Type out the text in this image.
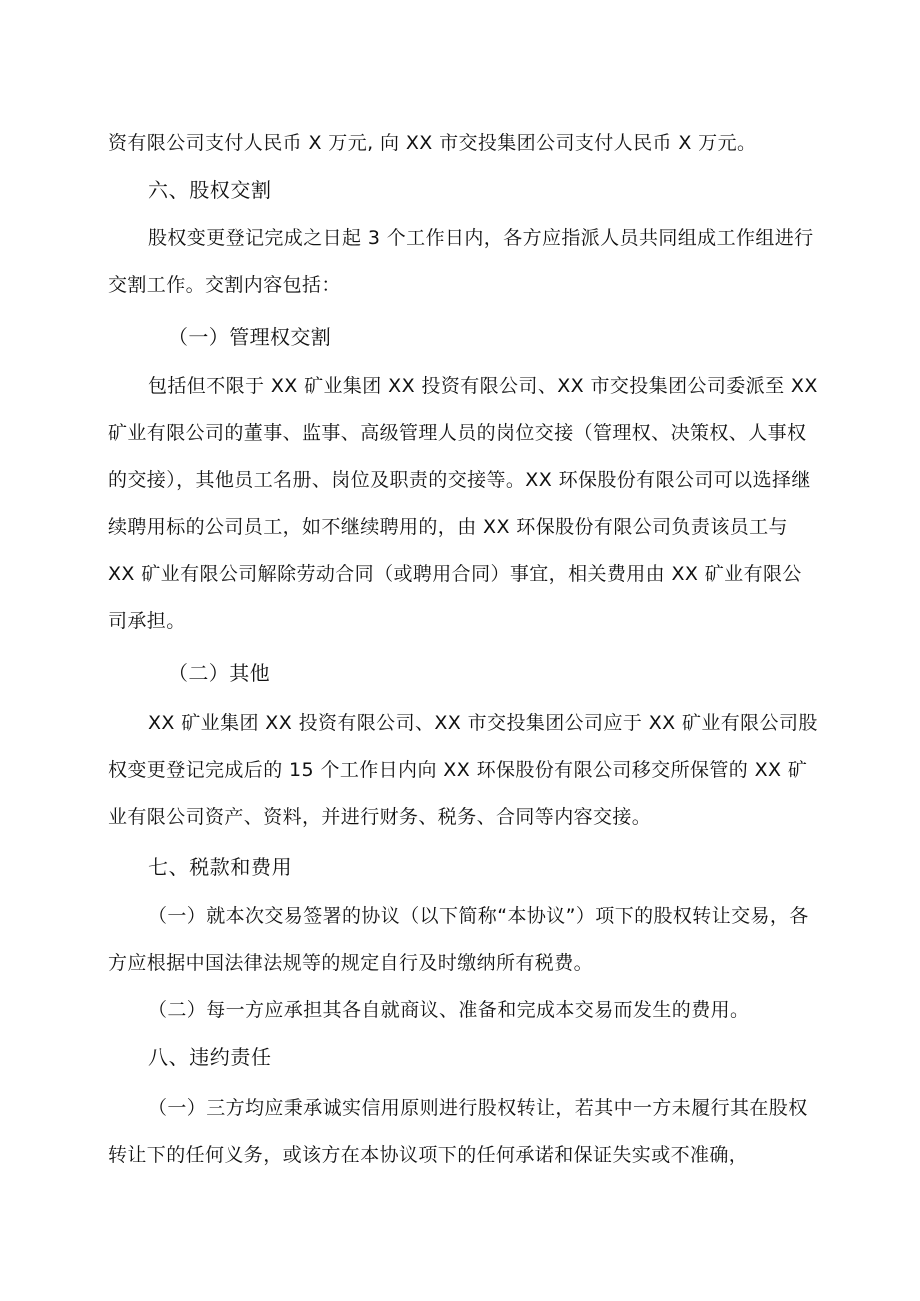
资有限公司支付人民币 X 万元, 向 XX 市交投集团公司支付人民币 X 万元。

六、股权交割

股权变更登记完成之日起 3 个工作日内，各方应指派人员共同组成工作组进行交割工作。交割内容包括：

（一）管理权交割

包括但不限于 XX 矿业集团 XX 投资有限公司、XX 市交投集团公司委派至 XX 矿业有限公司的董事、监事、高级管理人员的岗位交接（管理权、决策权、人事权的交接），其他员工名册、岗位及职责的交接等。XX 环保股份有限公司可以选择继续聘用标的公司员工，如不继续聘用的，由 XX 环保股份有限公司负责该员工与 XX 矿业有限公司解除劳动合同（或聘用合同）事宜，相关费用由 XX 矿业有限公司承担。

（二）其他

XX 矿业集团 XX 投资有限公司、XX 市交投集团公司应于 XX 矿业有限公司股权变更登记完成后的 15 个工作日内向 XX 环保股份有限公司移交所保管的 XX 矿业有限公司资产、资料，并进行财务、税务、合同等内容交接。

七、税款和费用

（一）就本次交易签署的协议（以下简称“本协议”）项下的股权转让交易，各方应根据中国法律法规等的规定自行及时缴纳所有税费。

（二）每一方应承担其各自就商议、准备和完成本交易而发生的费用。

八、违约责任

（一）三方均应秉承诚实信用原则进行股权转让，若其中一方未履行其在股权转让下的任何义务，或该方在本协议项下的任何承诺和保证失实或不准确，
